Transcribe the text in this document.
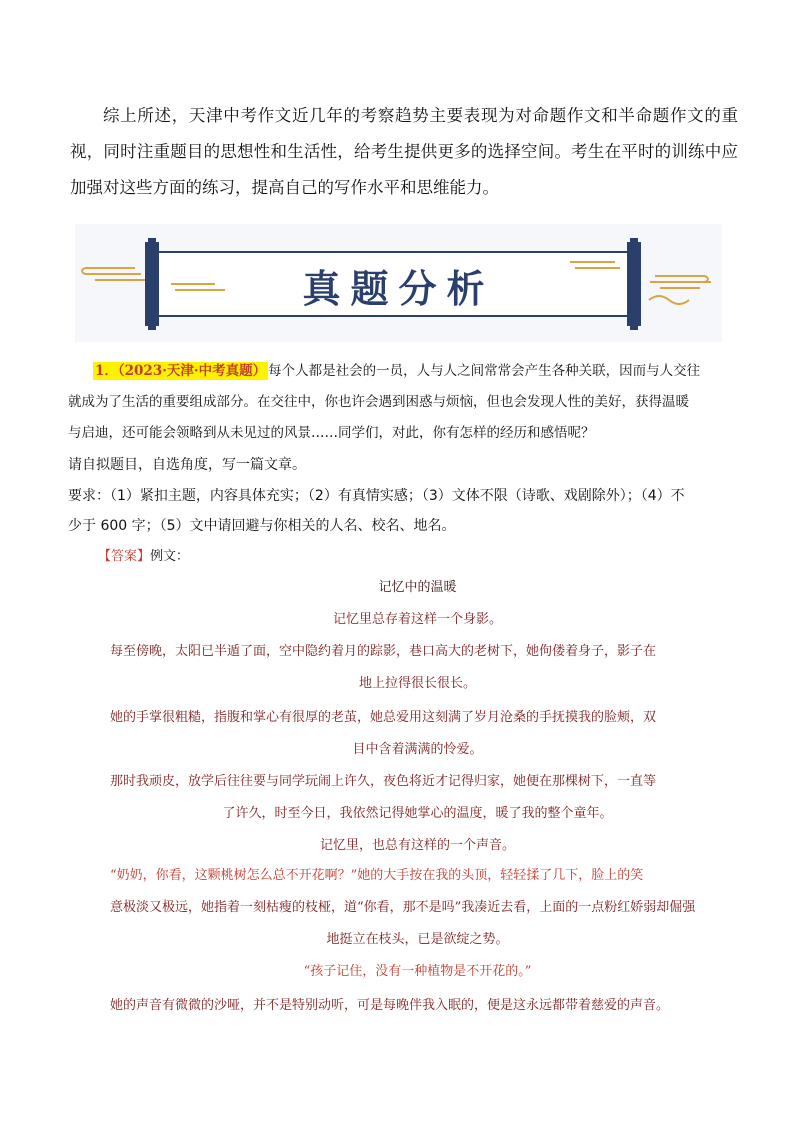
综上所述，天津中考作文近几年的考察趋势主要表现为对命题作文和半命题作文的重视，同时注重题目的思想性和生活性，给考生提供更多的选择空间。考生在平时的训练中应加强对这些方面的练习，提高自己的写作水平和思维能力。

真题分析

1．（2023·天津·中考真题） 每个人都是社会的一员，人与人之间常常会产生各种关联，因而与人交往

就成为了生活的重要组成部分。在交往中，你也许会遇到困惑与烦恼，但也会发现人性的美好，获得温暖
与启迪，还可能会领略到从未见过的风景……同学们，对此，你有怎样的经历和感悟呢？

请自拟题目，自选角度，写一篇文章。

要求：（1）紧扣主题，内容具体充实；（2）有真情实感；（3）文体不限（诗歌、戏剧除外）；（4）不

少于 600 字；（5）文中请回避与你相关的人名、校名、地名。

【答案】例文：

记忆中的温暖

记忆里总存着这样一个身影。

每至傍晚，太阳已半遁了面，空中隐约着月的踪影，巷口高大的老树下，她佝偻着身子，影子在

地上拉得很长很长。

她的手掌很粗糙，指腹和掌心有很厚的老茧，她总爱用这刻满了岁月沧桑的手抚摸我的脸颊，双

目中含着满满的怜爱。

那时我顽皮，放学后往往要与同学玩闹上许久，夜色将近才记得归家，她便在那棵树下，一直等

了许久，时至今日，我依然记得她掌心的温度，暖了我的整个童年。

记忆里，也总有这样的一个声音。

“奶奶，你看，这颗桃树怎么总不开花啊？”她的大手按在我的头顶，轻轻揉了几下，脸上的笑

意极淡又极远，她指着一刻枯瘦的枝桠，道“你看，那不是吗”我凑近去看，上面的一点粉红娇弱却倔强

地挺立在枝头，已是欲绽之势。

“孩子记住，没有一种植物是不开花的。”

她的声音有微微的沙哑，并不是特别动听，可是每晚伴我入眠的，便是这永远都带着慈爱的声音。
